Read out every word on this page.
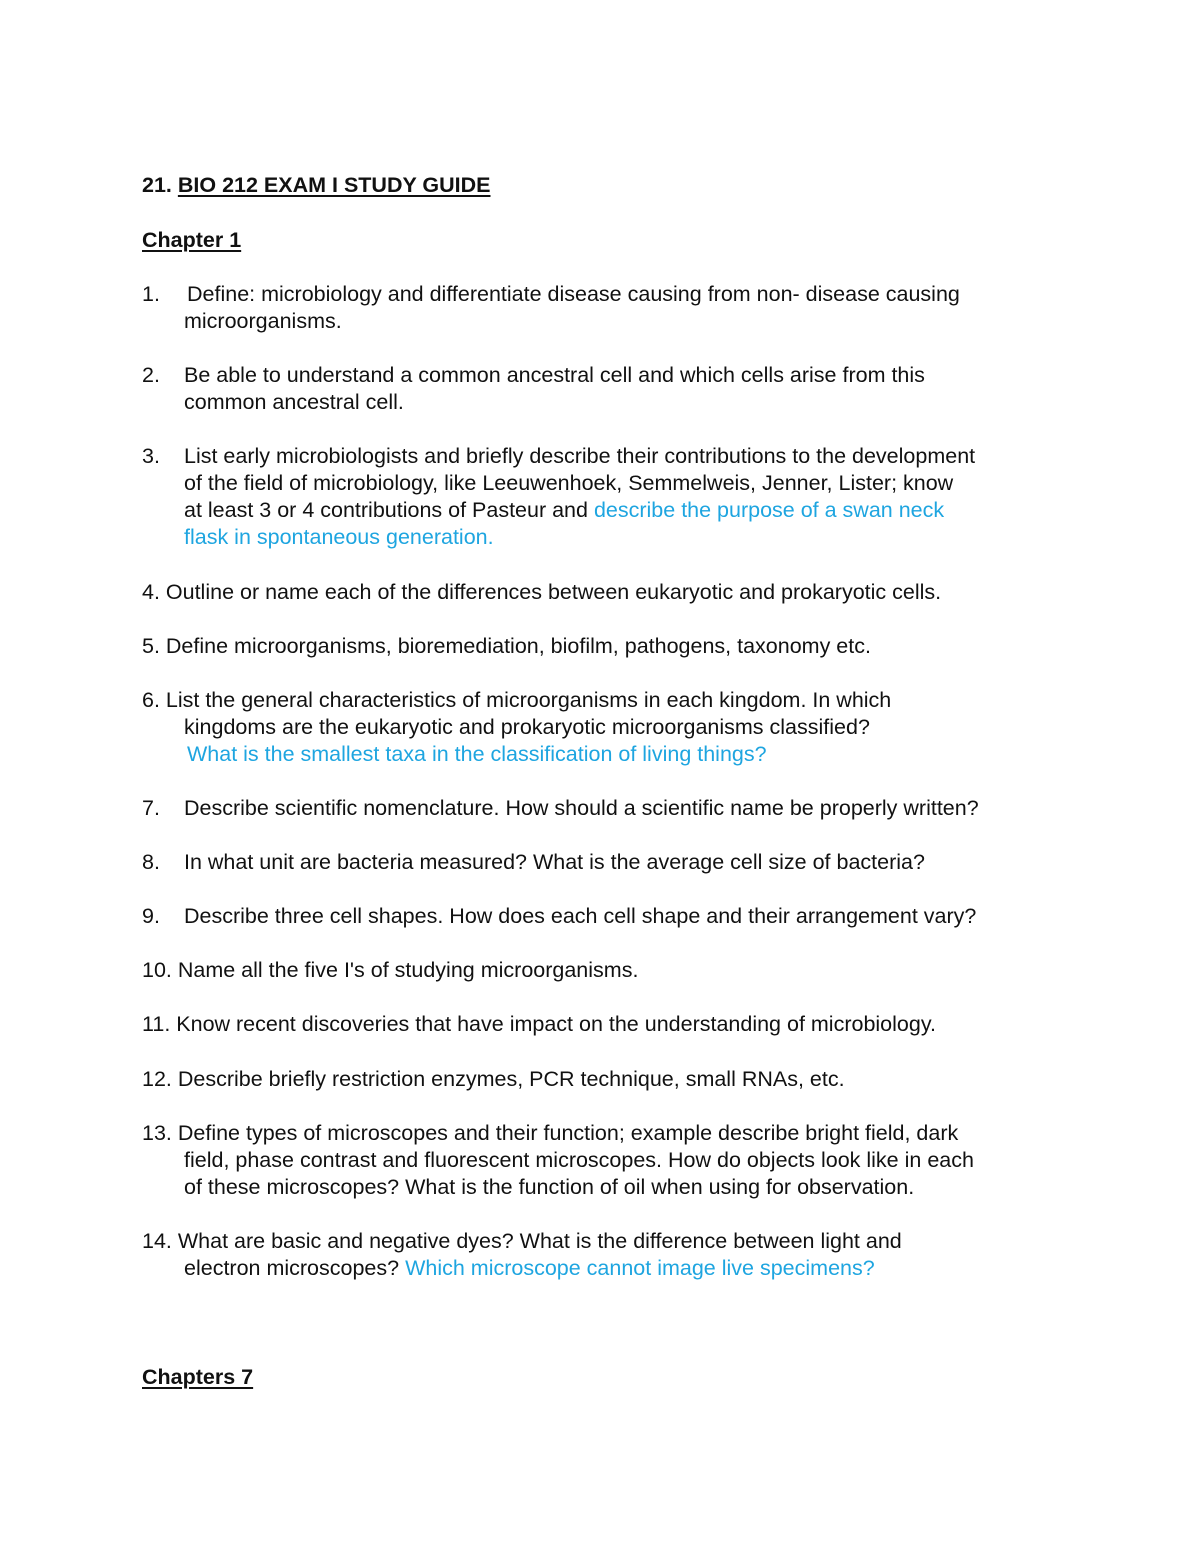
21. BIO 212 EXAM I STUDY GUIDE
Chapter 1
1. Define: microbiology and differentiate disease causing from non- disease causing
microorganisms.
2. Be able to understand a common ancestral cell and which cells arise from this
common ancestral cell.
3. List early microbiologists and briefly describe their contributions to the development
of the field of microbiology, like Leeuwenhoek, Semmelweis, Jenner, Lister; know
at least 3 or 4 contributions of Pasteur and describe the purpose of a swan neck
flask in spontaneous generation.
4. Outline or name each of the differences between eukaryotic and prokaryotic cells.
5. Define microorganisms, bioremediation, biofilm, pathogens, taxonomy etc.
6. List the general characteristics of microorganisms in each kingdom. In which
kingdoms are the eukaryotic and prokaryotic microorganisms classified?
What is the smallest taxa in the classification of living things?
7. Describe scientific nomenclature. How should a scientific name be properly written?
8. In what unit are bacteria measured? What is the average cell size of bacteria?
9. Describe three cell shapes. How does each cell shape and their arrangement vary?
10. Name all the five I's of studying microorganisms.
11. Know recent discoveries that have impact on the understanding of microbiology.
12. Describe briefly restriction enzymes, PCR technique, small RNAs, etc.
13. Define types of microscopes and their function; example describe bright field, dark
field, phase contrast and fluorescent microscopes. How do objects look like in each
of these microscopes? What is the function of oil when using for observation.
14. What are basic and negative dyes? What is the difference between light and
electron microscopes? Which microscope cannot image live specimens?
Chapters 7
